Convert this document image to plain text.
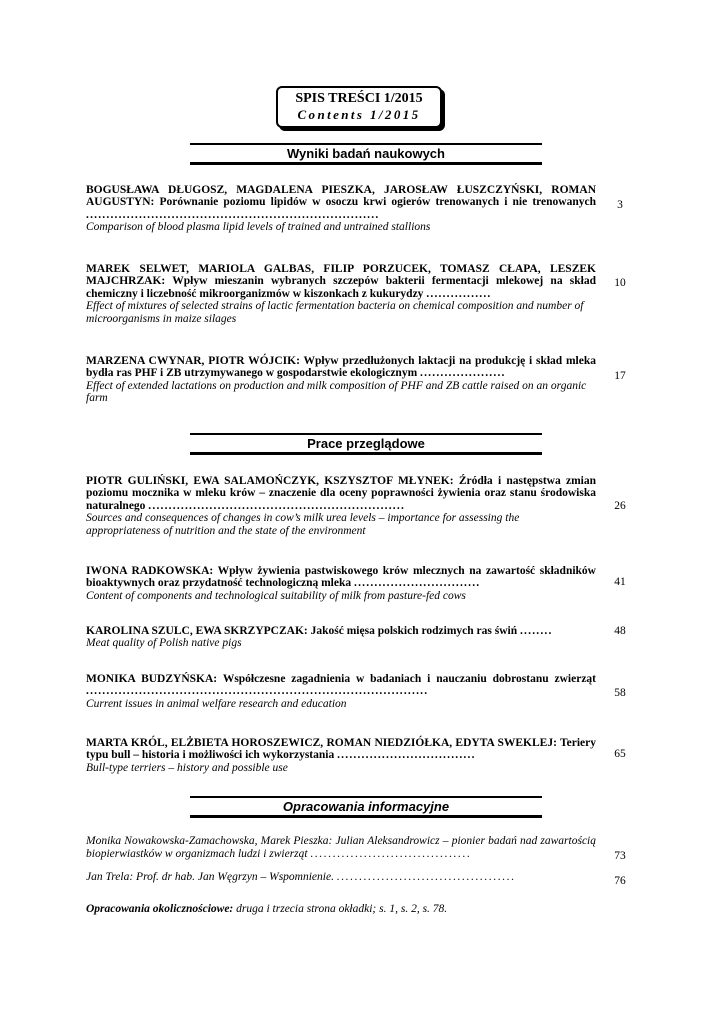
SPIS TREŚCI 1/2015
Contents 1/2015
Wyniki badań naukowych
BOGUSŁAWA DŁUGOSZ, MAGDALENA PIESZKA, JAROSŁAW ŁUSZCZYŃSKI, ROMAN AUGUSTYN: Porównanie poziomu lipidów w osoczu krwi ogierów trenowanych i nie trenowanych ........................................................................
Comparison of blood plasma lipid levels of trained and untrained stallions
3
MAREK SELWET, MARIOLA GALBAS, FILIP PORZUCEK, TOMASZ CŁAPA, LESZEK MAJCHRZAK: Wpływ mieszanin wybranych szczepów bakterii fermentacji mlekowej na skład chemiczny i liczebność mikroorganizmów w kiszonkach z kukurydzy ................
Effect of mixtures of selected strains of lactic fermentation bacteria on chemical composition and number of microorganisms in maize silages
10
MARZENA CWYNAR, PIOTR WÓJCIK: Wpływ przedłużonych laktacji na produkcję i skład mleka bydła ras PHF i ZB utrzymywanego w gospodarstwie ekologicznym .....................
Effect of extended lactations on production and milk composition of PHF and ZB cattle raised on an organic farm
17
Prace przeglądowe
PIOTR GULIŃSKI, EWA SALAMOŃCZYK, KSZYSZTOF MŁYNEK: Źródła i następstwa zmian poziomu mocznika w mleku krów – znaczenie dla oceny poprawności żywienia oraz stanu środowiska naturalnego ...............................................................
Sources and consequences of changes in cow’s milk urea levels – importance for assessing the appropriateness of nutrition and the state of the environment
26
IWONA RADKOWSKA: Wpływ żywienia pastwiskowego krów mlecznych na zawartość składników bioaktywnych oraz przydatność technologiczną mleka ...............................
Content of components and technological suitability of milk from pasture-fed cows
41
KAROLINA SZULC, EWA SKRZYPCZAK: Jakość mięsa polskich rodzimych ras świń ........
Meat quality of Polish native pigs
48
MONIKA BUDZYŃSKA: Współczesne zagadnienia w badaniach i nauczaniu dobrostanu zwierząt ....................................................................................
Current issues in animal welfare research and education
58
MARTA KRÓL, ELŻBIETA HOROSZEWICZ, ROMAN NIEDZIÓŁKA, EDYTA SWEKLEJ: Teriery typu bull – historia i możliwości ich wykorzystania ..................................
Bull-type terriers – history and possible use
65
Opracowania informacyjne
Monika Nowakowska-Zamachowska, Marek Pieszka: Julian Aleksandrowicz – pionier badań nad zawartością biopierwiastków w organizmach ludzi i zwierząt ....................................	73
Jan Trela: Prof. dr hab. Jan Węgrzyn – Wspomnienie. ........................................	76
Opracowania okolicznościowe: druga i trzecia strona okładki; s. 1, s. 2, s. 78.
